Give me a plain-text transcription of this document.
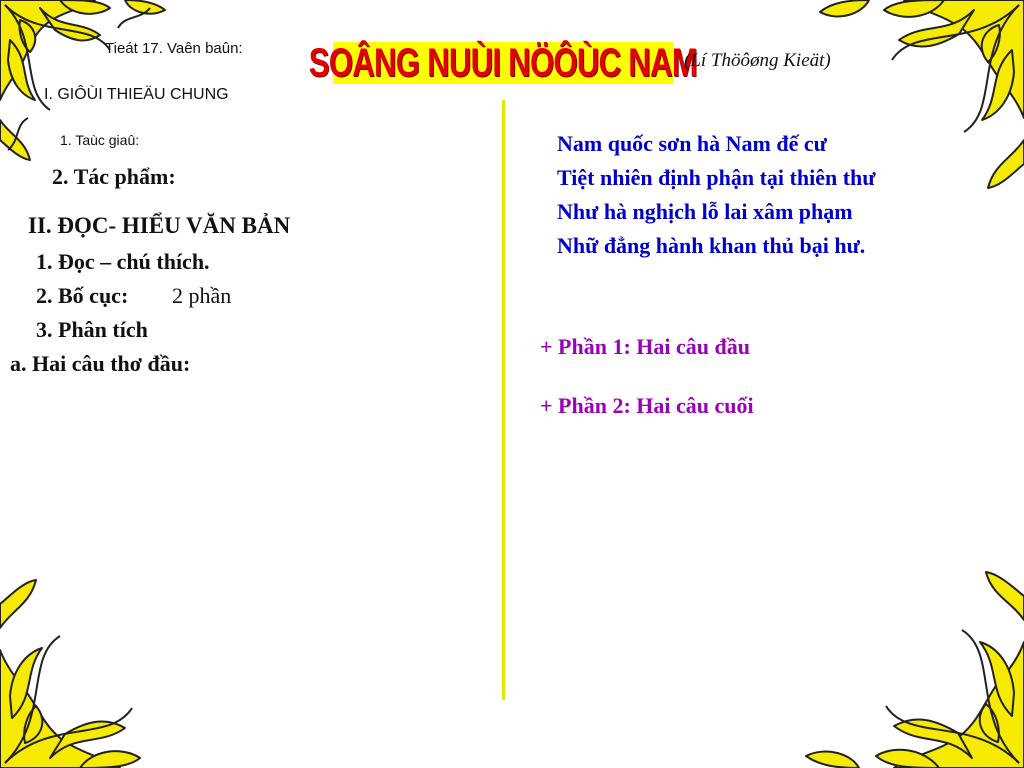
Tieát 17. Vaên baûn:
I. GIÔÙI THIEÄU CHUNG
1. Taùc giaû:
2. Tác phẩm:
II. ĐỌC- HIỂU VĂN BẢN
1. Đọc – chú thích.
2. Bố cục: 2 phần
3. Phân tích
a. Hai câu thơ đầu:
SOÂNG NUÙI NÖÔÙC NAM
(Lí Thöôøng Kieät)
Nam quốc sơn hà Nam đế cư
Tiệt nhiên định phận tại thiên thư
Như hà nghịch lỗ lai xâm phạm
Nhữ đẳng hành khan thủ bại hư.
+ Phần 1: Hai câu đầu
+ Phần 2: Hai câu cuối
